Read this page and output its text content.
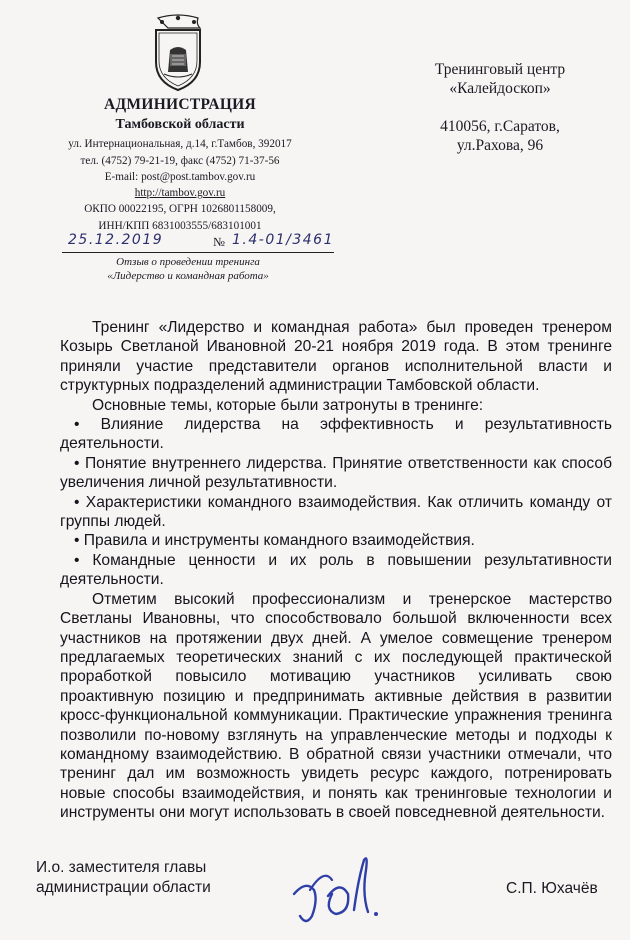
АДМИНИСТРАЦИЯ
Тамбовской области
ул. Интернациональная, д.14, г.Тамбов, 392017
тел. (4752) 79-21-19, факс (4752) 71-37-56
E-mail: post@post.tambov.gov.ru
http://tambov.gov.ru
ОКПО 00022195, ОГРН 1026801158009,
ИНН/КПП 6831003555/683101001
25.12.2019	№ 1.4-01/3461
Отзыв о проведении тренинга
«Лидерство и командная работа»
Тренинговый центр
«Калейдоскоп»
410056, г.Саратов,
ул.Рахова, 96

Тренинг «Лидерство и командная работа» был проведен тренером Козырь Светланой Ивановной 20-21 ноября 2019 года. В этом тренинге приняли участие представители органов исполнительной власти и структурных подразделений администрации Тамбовской области.

Основные темы, которые были затронуты в тренинге:

• Влияние лидерства на эффективность и результативность деятельности.

• Понятие внутреннего лидерства. Принятие ответственности как способ увеличения личной результативности.

• Характеристики командного взаимодействия. Как отличить команду от группы людей.

• Правила и инструменты командного взаимодействия.

• Командные ценности и их роль в повышении результативности деятельности.

Отметим высокий профессионализм и тренерское мастерство Светланы Ивановны, что способствовало большой включенности всех участников на протяжении двух дней. А умелое совмещение тренером предлагаемых теоретических знаний с их последующей практической проработкой повысило мотивацию участников усиливать свою проактивную позицию и предпринимать активные действия в развитии кросс-функциональной коммуникации. Практические упражнения тренинга позволили по-новому взглянуть на управленческие методы и подходы к командному взаимодействию. В обратной связи участники отмечали, что тренинг дал им возможность увидеть ресурс каждого, потренировать новые способы взаимодействия, и понять как тренинговые технологии и инструменты они могут использовать в своей повседневной деятельности.

И.о. заместителя главы
администрации области	С.П. Юхачёв
